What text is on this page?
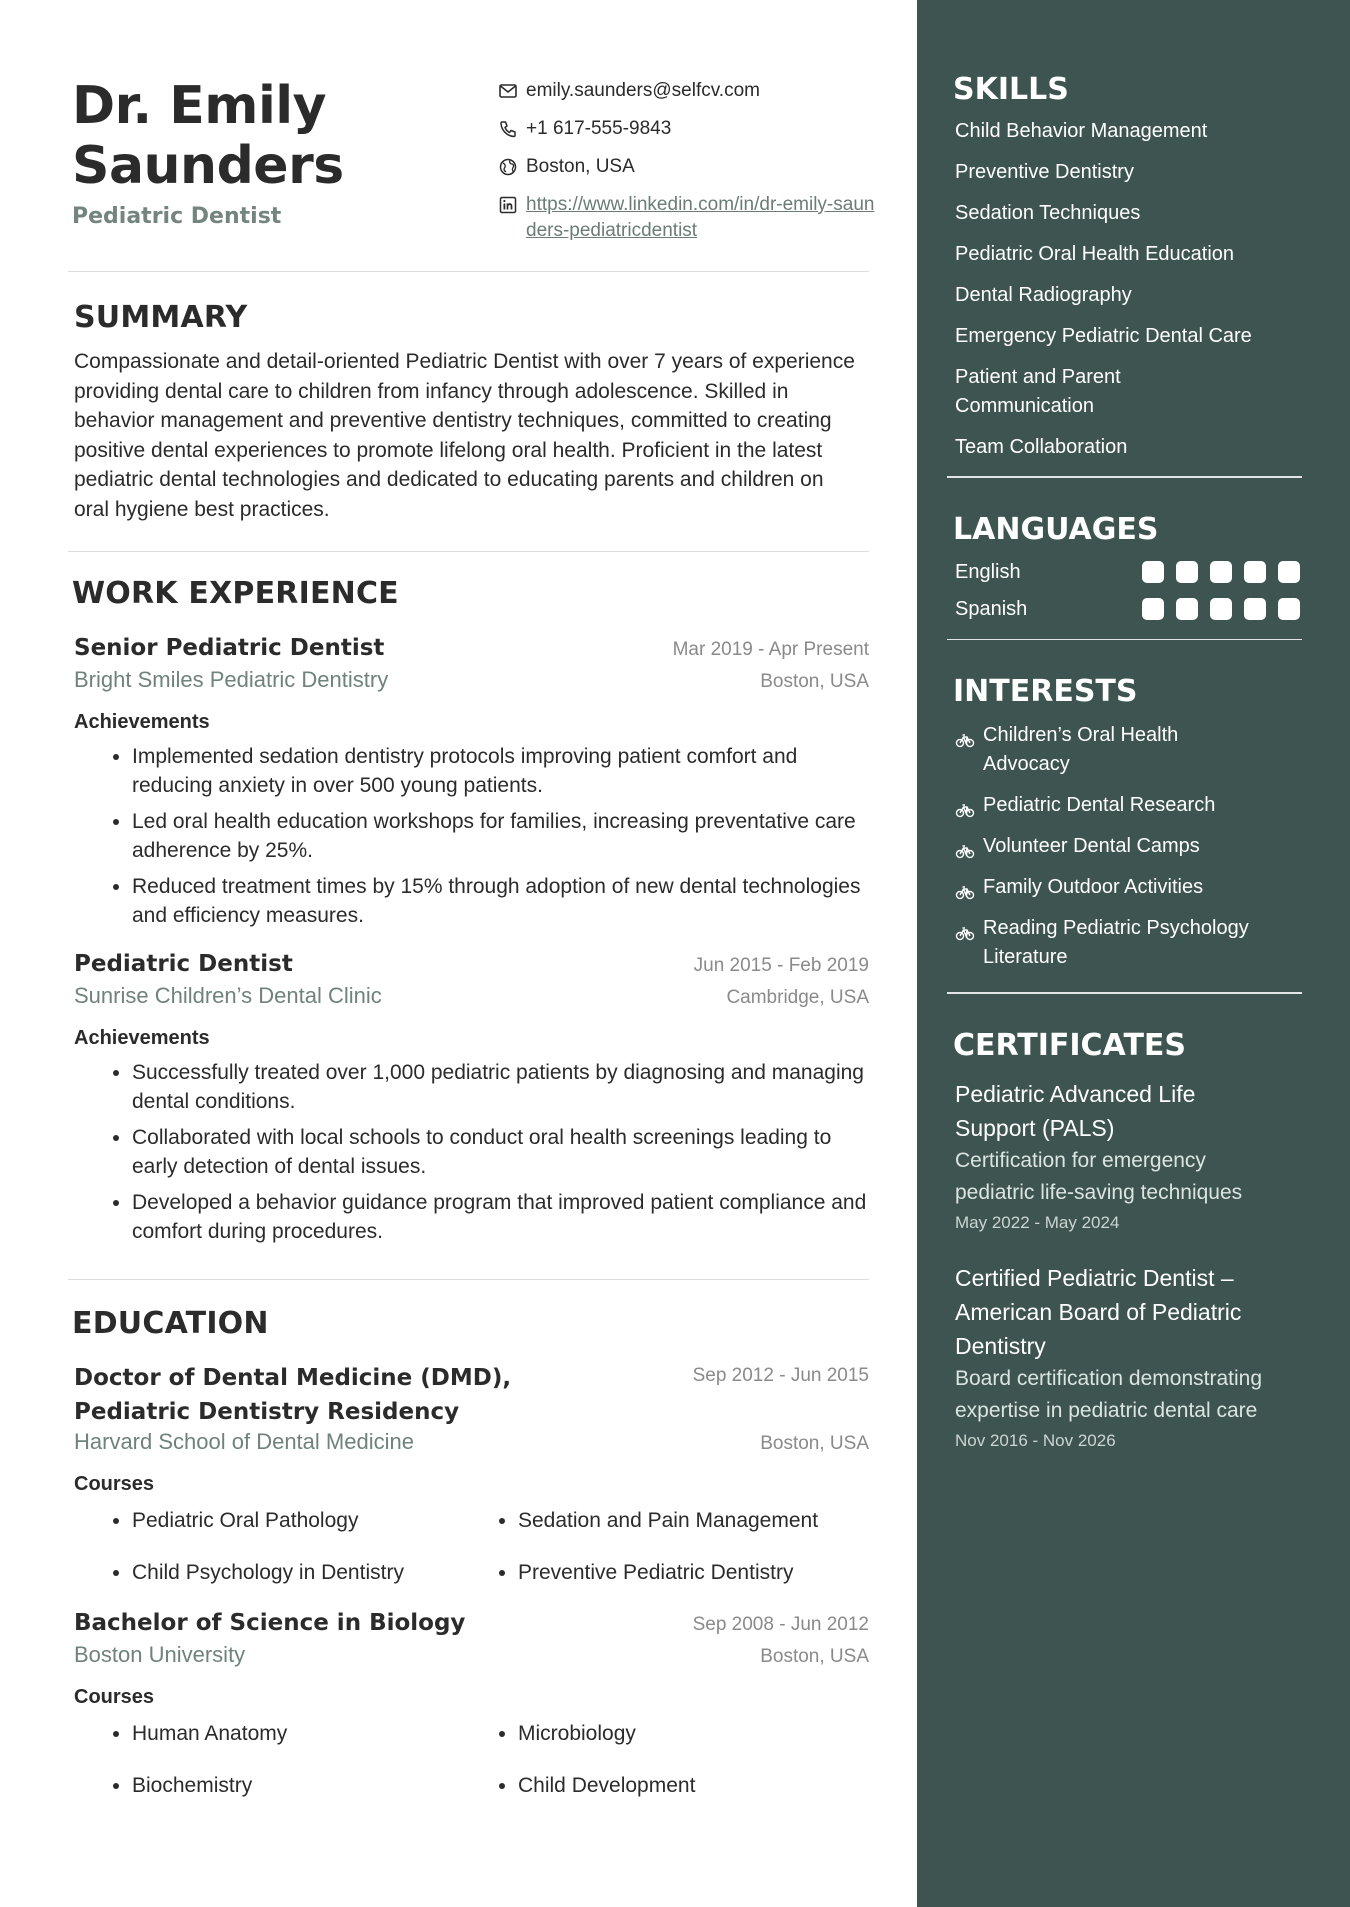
Dr. Emily Saunders
Pediatric Dentist
emily.saunders@selfcv.com
+1 617-555-9843
Boston, USA
https://www.linkedin.com/in/dr-emily-saunders-pediatricdentist
SUMMARY
Compassionate and detail-oriented Pediatric Dentist with over 7 years of experience providing dental care to children from infancy through adolescence. Skilled in behavior management and preventive dentistry techniques, committed to creating positive dental experiences to promote lifelong oral health. Proficient in the latest pediatric dental technologies and dedicated to educating parents and children on oral hygiene best practices.
WORK EXPERIENCE
Senior Pediatric Dentist	Mar 2019 - Apr Present
Bright Smiles Pediatric Dentistry	Boston, USA
Achievements
• Implemented sedation dentistry protocols improving patient comfort and reducing anxiety in over 500 young patients.
• Led oral health education workshops for families, increasing preventative care adherence by 25%.
• Reduced treatment times by 15% through adoption of new dental technologies and efficiency measures.
Pediatric Dentist	Jun 2015 - Feb 2019
Sunrise Children’s Dental Clinic	Cambridge, USA
Achievements
• Successfully treated over 1,000 pediatric patients by diagnosing and managing dental conditions.
• Collaborated with local schools to conduct oral health screenings leading to early detection of dental issues.
• Developed a behavior guidance program that improved patient compliance and comfort during procedures.
EDUCATION
Doctor of Dental Medicine (DMD), Pediatric Dentistry Residency
Sep 2012 - Jun 2015
Harvard School of Dental Medicine	Boston, USA
Courses
• Pediatric Oral Pathology	• Sedation and Pain Management
• Child Psychology in Dentistry	• Preventive Pediatric Dentistry
Bachelor of Science in Biology	Sep 2008 - Jun 2012
Boston University	Boston, USA
Courses
• Human Anatomy	• Microbiology
• Biochemistry	• Child Development
SKILLS
Child Behavior Management
Preventive Dentistry
Sedation Techniques
Pediatric Oral Health Education
Dental Radiography
Emergency Pediatric Dental Care
Patient and Parent Communication
Team Collaboration
LANGUAGES
English
Spanish
INTERESTS
Children’s Oral Health Advocacy
Pediatric Dental Research
Volunteer Dental Camps
Family Outdoor Activities
Reading Pediatric Psychology Literature
CERTIFICATES
Pediatric Advanced Life Support (PALS)
Certification for emergency pediatric life-saving techniques
May 2022 - May 2024
Certified Pediatric Dentist – American Board of Pediatric Dentistry
Board certification demonstrating expertise in pediatric dental care
Nov 2016 - Nov 2026
